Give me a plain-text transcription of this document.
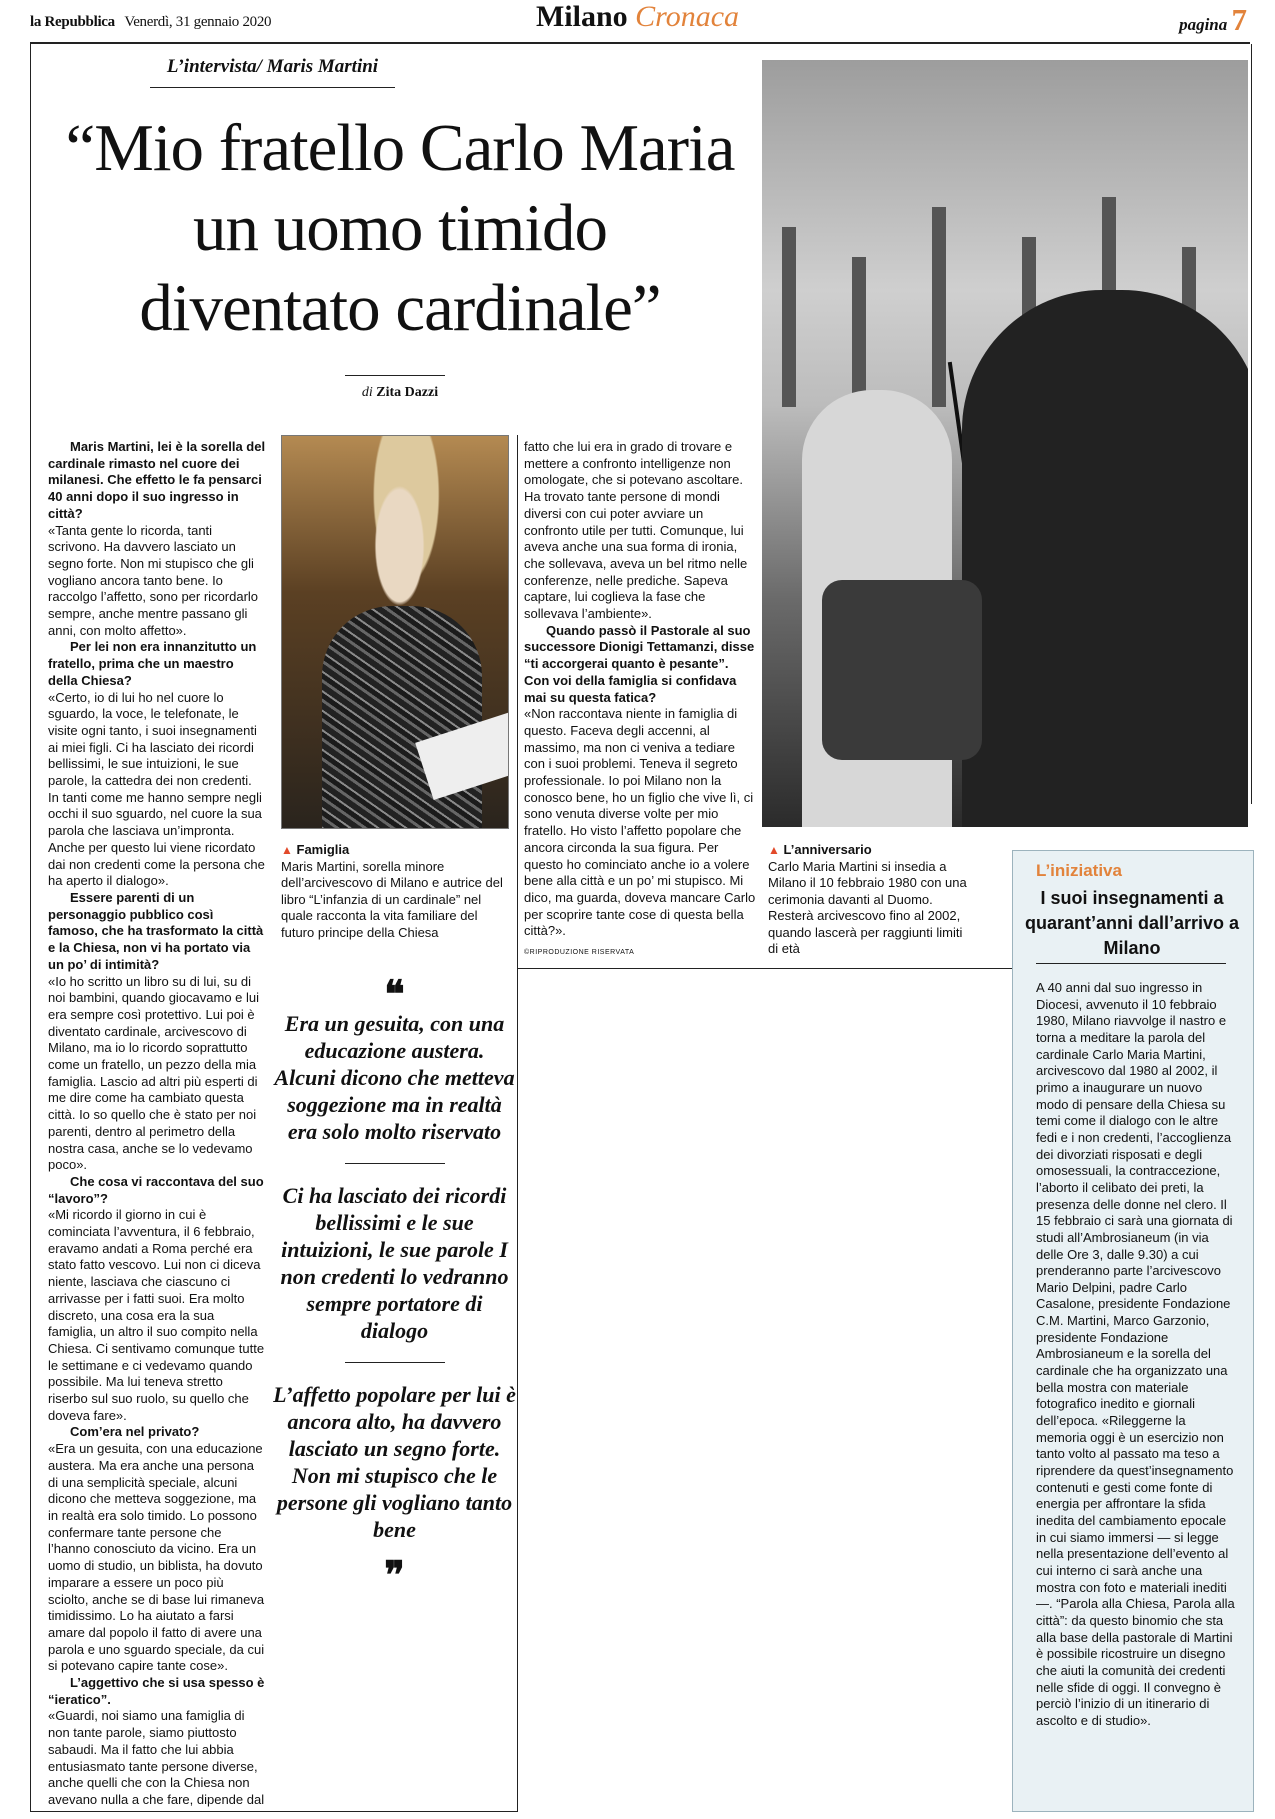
la Repubblica Venerdì, 31 gennaio 2020	Milano Cronaca	pagina 7
L’intervista/ Maris Martini
“Mio fratello Carlo Maria
un uomo timido
diventato cardinale”
di Zita Dazzi

Maris Martini, lei è la sorella del cardinale rimasto nel cuore dei milanesi. Che effetto le fa pensarci 40 anni dopo il suo ingresso in città?

«Tanta gente lo ricorda, tanti scrivono. Ha davvero lasciato un segno forte. Non mi stupisco che gli vogliano ancora tanto bene. Io raccolgo l’affetto, sono per ricordarlo sempre, anche mentre passano gli anni, con molto affetto».

Per lei non era innanzitutto un fratello, prima che un maestro della Chiesa?

«Certo, io di lui ho nel cuore lo sguardo, la voce, le telefonate, le visite ogni tanto, i suoi insegnamenti ai miei figli. Ci ha lasciato dei ricordi bellissimi, le sue intuizioni, le sue parole, la cattedra dei non credenti. In tanti come me hanno sempre negli occhi il suo sguardo, nel cuore la sua parola che lasciava un’impronta. Anche per questo lui viene ricordato dai non credenti come la persona che ha aperto il dialogo».

Essere parenti di un personaggio pubblico così famoso, che ha trasformato la città e la Chiesa, non vi ha portato via un po’ di intimità?

«Io ho scritto un libro su di lui, su di noi bambini, quando giocavamo e lui era sempre così protettivo. Lui poi è diventato cardinale, arcivescovo di Milano, ma io lo ricordo soprattutto come un fratello, un pezzo della mia famiglia. Lascio ad altri più esperti di me dire come ha cambiato questa città. Io so quello che è stato per noi parenti, dentro al perimetro della nostra casa, anche se lo vedevamo poco».

Che cosa vi raccontava del suo “lavoro”?

«Mi ricordo il giorno in cui è cominciata l’avventura, il 6 febbraio, eravamo andati a Roma perché era stato fatto vescovo. Lui non ci diceva niente, lasciava che ciascuno ci arrivasse per i fatti suoi. Era molto discreto, una cosa era la sua famiglia, un altro il suo compito nella Chiesa. Ci sentivamo comunque tutte le settimane e ci vedevamo quando possibile. Ma lui teneva stretto riserbo sul suo ruolo, su quello che doveva fare».

Com’era nel privato?

«Era un gesuita, con una educazione austera. Ma era anche una persona di una semplicità speciale, alcuni dicono che metteva soggezione, ma in realtà era solo timido. Lo possono confermare tante persone che l’hanno conosciuto da vicino. Era un uomo di studio, un biblista, ha dovuto imparare a essere un poco più sciolto, anche se di base lui rimaneva timidissimo. Lo ha aiutato a farsi amare dal popolo il fatto di avere una parola e uno sguardo speciale, da cui si potevano capire tante cose».

L’aggettivo che si usa spesso è “ieratico”.

«Guardi, noi siamo una famiglia di non tante parole, siamo piuttosto sabaudi. Ma il fatto che lui abbia entusiasmato tante persone diverse, anche quelli che con la Chiesa non avevano nulla a che fare, dipende dal

▲ Famiglia
Maris Martini, sorella minore dell’arcivescovo di Milano e autrice del libro “L’infanzia di un cardinale” nel quale racconta la vita familiare del futuro principe della Chiesa
❝

Era un gesuita, con una educazione austera. Alcuni dicono che metteva soggezione ma in realtà era solo molto riservato

Ci ha lasciato dei ricordi bellissimi e le sue intuizioni, le sue parole I non credenti lo vedranno sempre portatore di dialogo

L’affetto popolare per lui è ancora alto, ha davvero lasciato un segno forte. Non mi stupisco che le persone gli vogliano tanto bene

❞

fatto che lui era in grado di trovare e mettere a confronto intelligenze non omologate, che si potevano ascoltare. Ha trovato tante persone di mondi diversi con cui poter avviare un confronto utile per tutti. Comunque, lui aveva anche una sua forma di ironia, che sollevava, aveva un bel ritmo nelle conferenze, nelle prediche. Sapeva captare, lui coglieva la fase che sollevava l’ambiente».

Quando passò il Pastorale al suo successore Dionigi Tettamanzi, disse “ti accorgerai quanto è pesante”. Con voi della famiglia si confidava mai su questa fatica?

«Non raccontava niente in famiglia di questo. Faceva degli accenni, al massimo, ma non ci veniva a tediare con i suoi problemi. Teneva il segreto professionale. Io poi Milano non la conosco bene, ho un figlio che vive lì, ci sono venuta diverse volte per mio fratello. Ho visto l’affetto popolare che ancora circonda la sua figura. Per questo ho cominciato anche io a volere bene alla città e un po’ mi stupisco. Mi dico, ma guarda, doveva mancare Carlo per scoprire tante cose di questa bella città?».

©RIPRODUZIONE RISERVATA
▲ L’anniversario
Carlo Maria Martini si insedia a Milano il 10 febbraio 1980 con una cerimonia davanti al Duomo. Resterà arcivescovo fino al 2002, quando lascerà per raggiunti limiti di età
L’iniziativa
I suoi insegnamenti a quarant’anni dall’arrivo a Milano
A 40 anni dal suo ingresso in Diocesi, avvenuto il 10 febbraio 1980, Milano riavvolge il nastro e torna a meditare la parola del cardinale Carlo Maria Martini, arcivescovo dal 1980 al 2002, il primo a inaugurare un nuovo modo di pensare della Chiesa su temi come il dialogo con le altre fedi e i non credenti, l’accoglienza dei divorziati risposati e degli omosessuali, la contraccezione, l’aborto il celibato dei preti, la presenza delle donne nel clero. Il 15 febbraio ci sarà una giornata di studi all’Ambrosianeum (in via delle Ore 3, dalle 9.30) a cui prenderanno parte l’arcivescovo Mario Delpini, padre Carlo Casalone, presidente Fondazione C.M. Martini, Marco Garzonio, presidente Fondazione Ambrosianeum e la sorella del cardinale che ha organizzato una bella mostra con materiale fotografico inedito e giornali dell’epoca. «Rileggerne la memoria oggi è un esercizio non tanto volto al passato ma teso a riprendere da quest’insegnamento contenuti e gesti come fonte di energia per affrontare la sfida inedita del cambiamento epocale in cui siamo immersi — si legge nella presentazione dell’evento al cui interno ci sarà anche una mostra con foto e materiali inediti —. “Parola alla Chiesa, Parola alla città”: da questo binomio che sta alla base della pastorale di Martini è possibile ricostruire un disegno che aiuti la comunità dei credenti nelle sfide di oggi. Il convegno è perciò l’inizio di un itinerario di ascolto e di studio».
